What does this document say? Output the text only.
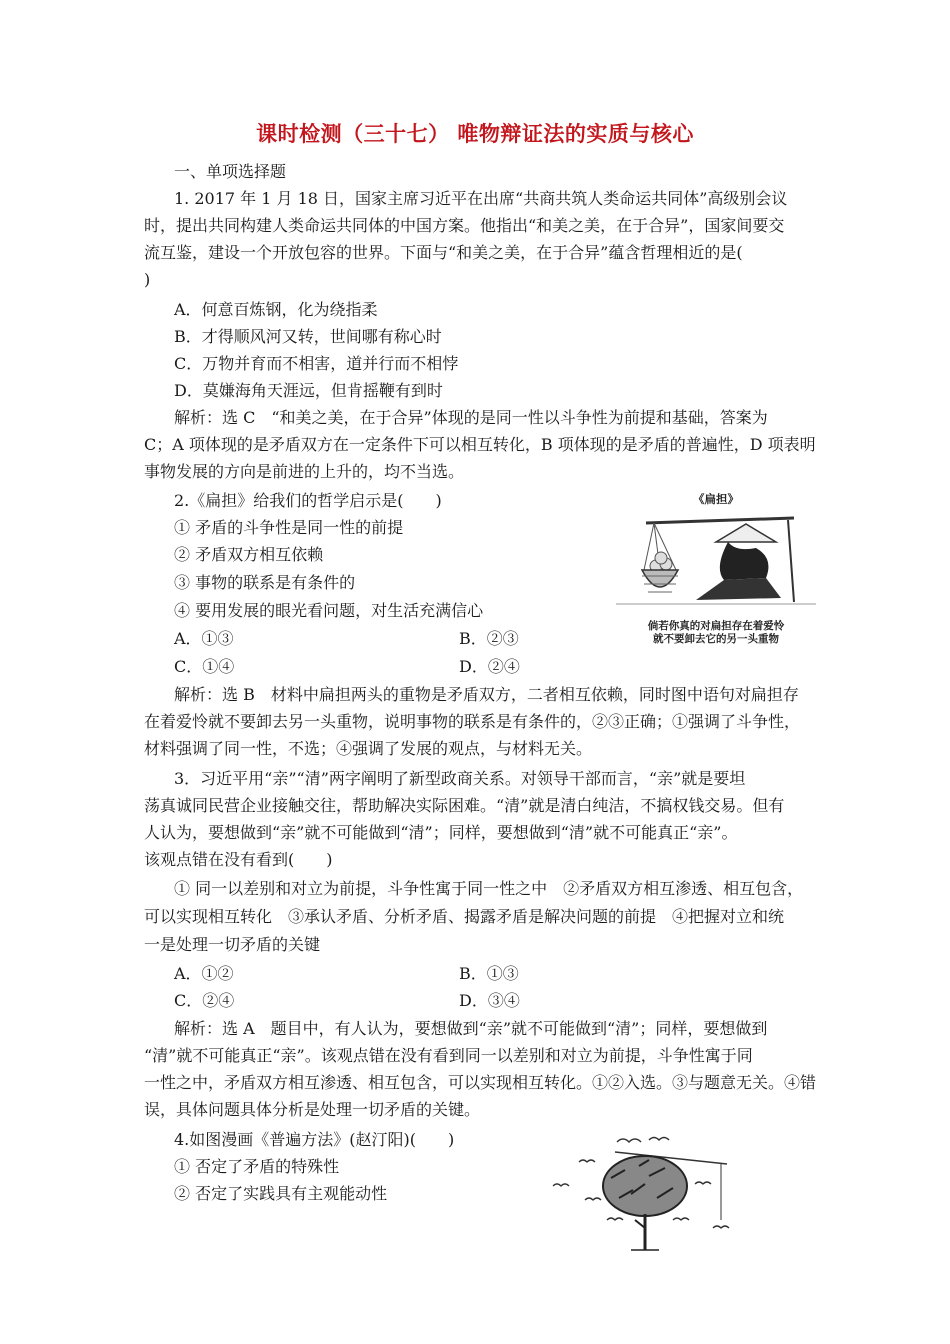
课时检测（三十七） 唯物辩证法的实质与核心
一、单项选择题
1. 2017 年 1 月 18 日，国家主席习近平在出席“共商共筑人类命运共同体”高级别会议
时，提出共同构建人类命运共同体的中国方案。他指出“和美之美，在于合异”，国家间要交
流互鉴，建设一个开放包容的世界。下面与“和美之美，在于合异”蕴含哲理相近的是(
)
A．何意百炼钢，化为绕指柔
B．才得顺风河又转，世间哪有称心时
C．万物并育而不相害，道并行而不相悖
D．莫嫌海角天涯远，但肯摇鞭有到时
解析：选 C　“和美之美，在于合异”体现的是同一性以斗争性为前提和基础，答案为
C；A 项体现的是矛盾双方在一定条件下可以相互转化，B 项体现的是矛盾的普遍性，D 项表明
事物发展的方向是前进的上升的，均不当选。
2.《扁担》给我们的哲学启示是(　　)
① 矛盾的斗争性是同一性的前提
② 矛盾双方相互依赖
③ 事物的联系是有条件的
④ 要用发展的眼光看问题，对生活充满信心
A．①③	B．②③
C．①④	D．②④
《扁担》
倘若你真的对扁担存在着爱怜
就不要卸去它的另一头重物
解析：选 B　材料中扁担两头的重物是矛盾双方，二者相互依赖，同时图中语句对扁担存
在着爱怜就不要卸去另一头重物，说明事物的联系是有条件的，②③正确；①强调了斗争性，
材料强调了同一性，不选；④强调了发展的观点，与材料无关。
3．习近平用“亲”“清”两字阐明了新型政商关系。对领导干部而言，“亲”就是要坦
荡真诚同民营企业接触交往，帮助解决实际困难。“清”就是清白纯洁，不搞权钱交易。但有
人认为，要想做到“亲”就不可能做到“清”；同样，要想做到“清”就不可能真正“亲”。
该观点错在没有看到(　　)
① 同一以差别和对立为前提，斗争性寓于同一性之中　②矛盾双方相互渗透、相互包含，
可以实现相互转化　③承认矛盾、分析矛盾、揭露矛盾是解决问题的前提　④把握对立和统
一是处理一切矛盾的关键
A．①②	B．①③
C．②④	D．③④
解析：选 A　题目中，有人认为，要想做到“亲”就不可能做到“清”；同样，要想做到
“清”就不可能真正“亲”。该观点错在没有看到同一以差别和对立为前提，斗争性寓于同
一性之中，矛盾双方相互渗透、相互包含，可以实现相互转化。①②入选。③与题意无关。④错
误，具体问题具体分析是处理一切矛盾的关键。
4.如图漫画《普遍方法》(赵汀阳)(　　)
① 否定了矛盾的特殊性
② 否定了实践具有主观能动性
